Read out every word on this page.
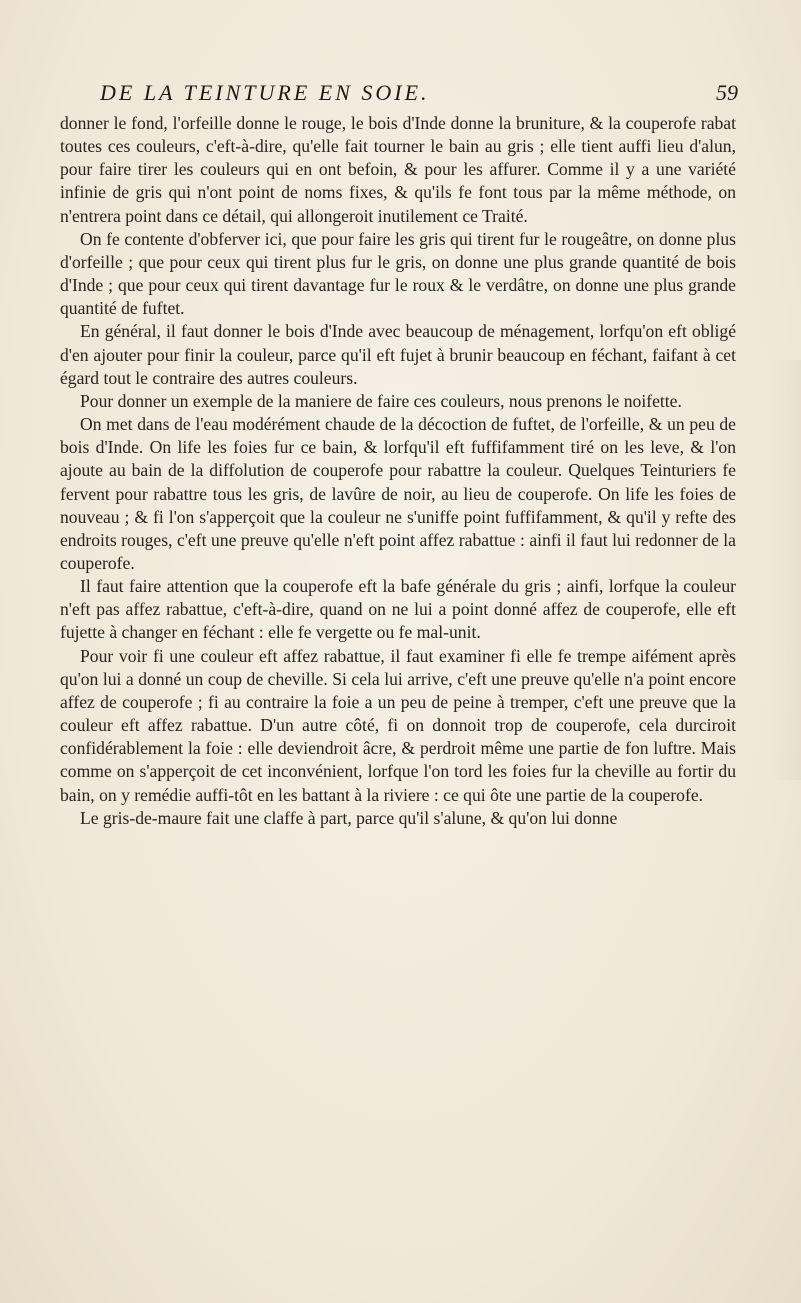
DE LA TEINTURE EN SOIE.	59

donner le fond, l'orfeille donne le rouge, le bois d'Inde donne la bruniture, & la couperofe rabat toutes ces couleurs, c'eft-à-dire, qu'elle fait tourner le bain au gris ; elle tient auffi lieu d'alun, pour faire tirer les couleurs qui en ont befoin, & pour les affurer. Comme il y a une variété infinie de gris qui n'ont point de noms fixes, & qu'ils fe font tous par la même méthode, on n'entrera point dans ce détail, qui allongeroit inutilement ce Traité.

On fe contente d'obferver ici, que pour faire les gris qui tirent fur le rougeâtre, on donne plus d'orfeille ; que pour ceux qui tirent plus fur le gris, on donne une plus grande quantité de bois d'Inde ; que pour ceux qui tirent davantage fur le roux & le verdâtre, on donne une plus grande quantité de fuftet.

En général, il faut donner le bois d'Inde avec beaucoup de ménagement, lorfqu'on eft obligé d'en ajouter pour finir la couleur, parce qu'il eft fujet à brunir beaucoup en féchant, faifant à cet égard tout le contraire des autres couleurs.

Pour donner un exemple de la maniere de faire ces couleurs, nous prenons le noifette.

On met dans de l'eau modérément chaude de la décoction de fuftet, de l'orfeille, & un peu de bois d'Inde. On life les foies fur ce bain, & lorfqu'il eft fuffifamment tiré on les leve, & l'on ajoute au bain de la diffolution de couperofe pour rabattre la couleur. Quelques Teinturiers fe fervent pour rabattre tous les gris, de lavûre de noir, au lieu de couperofe. On life les foies de nouveau ; & fi l'on s'apperçoit que la couleur ne s'uniffe point fuffifamment, & qu'il y refte des endroits rouges, c'eft une preuve qu'elle n'eft point affez rabattue : ainfi il faut lui redonner de la couperofe.

Il faut faire attention que la couperofe eft la bafe générale du gris ; ainfi, lorfque la couleur n'eft pas affez rabattue, c'eft-à-dire, quand on ne lui a point donné affez de couperofe, elle eft fujette à changer en féchant : elle fe vergette ou fe mal-unit.

Pour voir fi une couleur eft affez rabattue, il faut examiner fi elle fe trempe aifément après qu'on lui a donné un coup de cheville. Si cela lui arrive, c'eft une preuve qu'elle n'a point encore affez de couperofe ; fi au contraire la foie a un peu de peine à tremper, c'eft une preuve que la couleur eft affez rabattue. D'un autre côté, fi on donnoit trop de couperofe, cela durciroit confidérablement la foie : elle deviendroit âcre, & perdroit même une partie de fon luftre. Mais comme on s'apperçoit de cet inconvénient, lorfque l'on tord les foies fur la cheville au fortir du bain, on y remédie auffi-tôt en les battant à la riviere : ce qui ôte une partie de la couperofe.

Le gris-de-maure fait une claffe à part, parce qu'il s'alune, & qu'on lui donne
